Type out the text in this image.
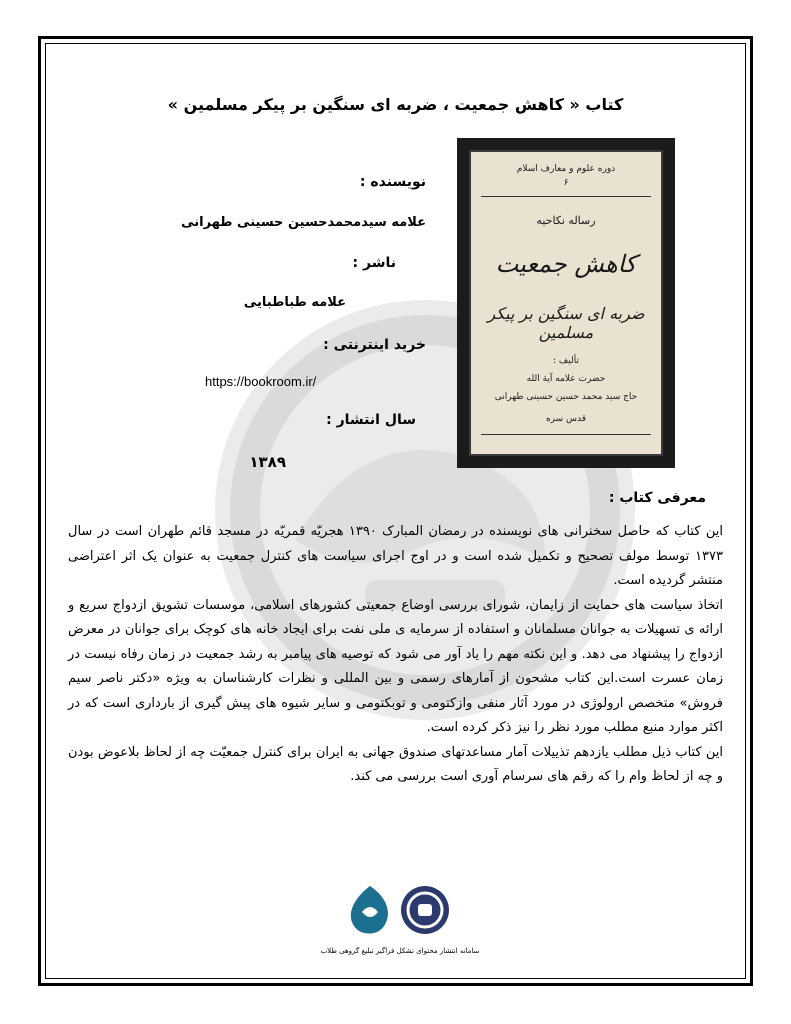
کتاب « کاهش جمعیت ، ضربه ای سنگین بر پیکر مسلمین »
دوره علوم و معارف اسلام
۶
رساله نکاحیه
کاهش جمعیت
ضربه ای سنگین بر پیکر مسلمین
تألیف :
حضرت علامه آیة الله
حاج سید محمد حسین حسینی طهرانی
قدس سره
نویسنده :
علامه سیدمحمدحسین حسینی طهرانی
ناشر :
علامه طباطبایی
خرید اینترنتی :
https://bookroom.ir/
سال انتشار :
۱۳۸۹
معرفی کتاب :

این کتاب که حاصل سخنرانی های نویسنده در رمضان المبارک ۱۳۹۰ هجریّه قمریّه در مسجد قائم طهران است در سال ۱۳۷۳ توسط مولف تصحیح و تکمیل شده است و در اوج اجرای سیاست های کنترل جمعیت به عنوان یک اثر اعتراضی منتشر گردیده است.

اتخاذ سیاست های حمایت از زایمان، شورای بررسی اوضاع جمعیتی کشورهای اسلامی، موسسات تشویق ازدواج سریع و ارائه ی تسهیلات به جوانان مسلمانان و استفاده از سرمایه ی ملی نفت برای ایجاد خانه های کوچک برای جوانان در معرض ازدواج را پیشنهاد می دهد. و این نکته مهم را یاد آور می شود که توصیه های پیامبر به رشد جمعیت در زمان رفاه نیست در زمان عسرت است.این کتاب مشحون از آمارهای رسمی و بین المللی و نظرات کارشناسان به ویژه «دکتر ناصر سیم فروش» متخصص ارولوژی در مورد آثار منفی وازکتومی و توبکتومی و سایر شیوه های پیش گیری از بارداری است که در اکثر موارد منبع مطلب مورد نظر را نیز ذکر کرده است.

این کتاب ذیل مطلب یازدهم تذییلات آمار مساعدتهای صندوق جهانی به ایران برای کنترل جمعیّت چه از لحاظ بلاعوض بودن و چه از لحاظ وام را که رقم های سرسام آوری است بررسی می کند.

سامانه انتشار محتوای تشکل فراگیر تبلیغ گروهی طلاب
